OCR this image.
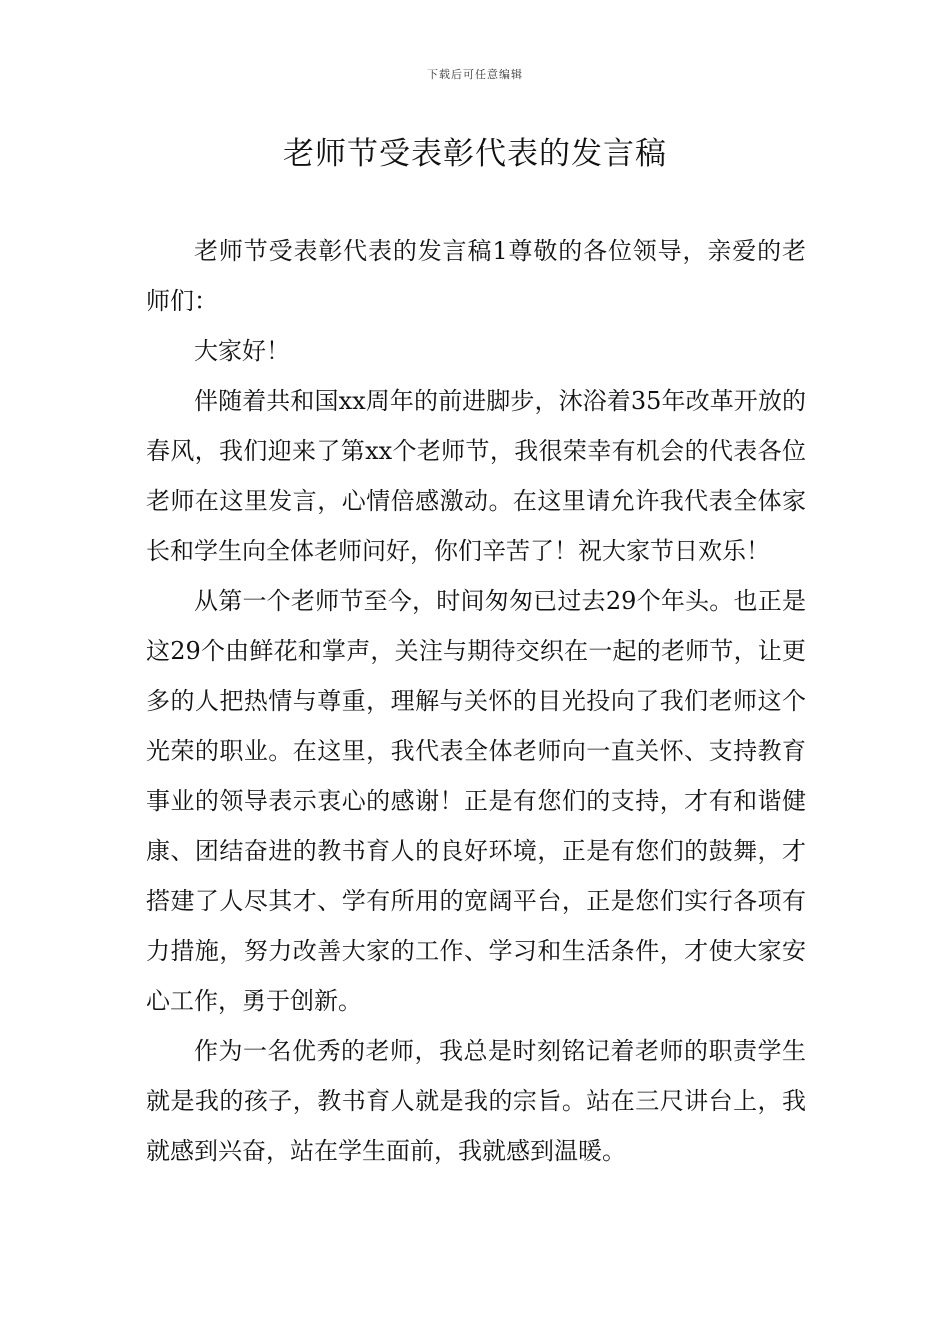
下载后可任意编辑
老师节受表彰代表的发言稿

老师节受表彰代表的发言稿1尊敬的各位领导，亲爱的老师们：

大家好！

伴随着共和国xx周年的前进脚步，沐浴着35年改革开放的春风，我们迎来了第xx个老师节，我很荣幸有机会的代表各位老师在这里发言，心情倍感激动。在这里请允许我代表全体家长和学生向全体老师问好，你们辛苦了！祝大家节日欢乐！

从第一个老师节至今，时间匆匆已过去29个年头。也正是这29个由鲜花和掌声，关注与期待交织在一起的老师节，让更多的人把热情与尊重，理解与关怀的目光投向了我们老师这个光荣的职业。在这里，我代表全体老师向一直关怀、支持教育事业的领导表示衷心的感谢！正是有您们的支持，才有和谐健康、团结奋进的教书育人的良好环境，正是有您们的鼓舞，才搭建了人尽其才、学有所用的宽阔平台，正是您们实行各项有力措施，努力改善大家的工作、学习和生活条件，才使大家安心工作，勇于创新。

作为一名优秀的老师，我总是时刻铭记着老师的职责学生就是我的孩子，教书育人就是我的宗旨。站在三尺讲台上，我就感到兴奋，站在学生面前，我就感到温暖。
